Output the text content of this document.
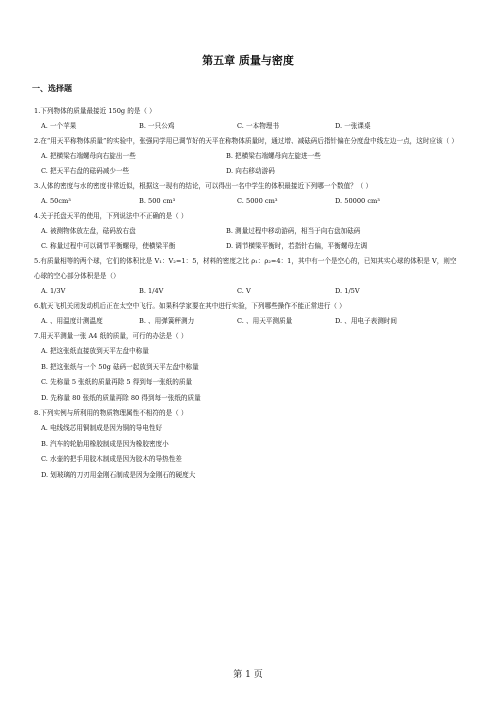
第五章 质量与密度
一、选择题

1.下列物体的质量最接近 150g 的是（ ）

A. 一个苹果	B. 一只公鸡	C. 一本物理书	D. 一张课桌

2.在“用天平称物体质量”的实验中，张强同学用已调节好的天平在称物体质量时，通过增、减砝码后指针偏在分度盘中线左边一点，这时应该（ ）

A. 把横梁右端螺母向右旋出一些	B. 把横梁右端螺母向左旋进一些
C. 把天平右盘的砝码减少一些	D. 向右移动游码

3.人体的密度与水的密度非常近似，根据这一现有的结论，可以得出一名中学生的体积最接近下列哪一个数值？（ ）

A. 50cm³	B. 500 cm³	C. 5000 cm³	D. 50000 cm³

4.关于托盘天平的使用，下列说法中不正确的是（ ）

A. 被测物体放左盘，砝码放右盘	B. 测量过程中移动游码，相当于向右盘加砝码
C. 称量过程中可以调节平衡螺母，使横梁平衡	D. 调节横梁平衡时，若指针右偏，平衡螺母左调

5.有质量相等的两个球，它们的体积比是 V₁：V₂=1：5，材料的密度之比 ρ₁：ρ₂=4：1，其中有一个是空心的，已知其实心球的体积是 V，则空心球的空心部分体积是是（）

A. 1/3V	B. 1/4V	C. V	D. 1/5V

6.航天飞机关闭发动机后正在太空中飞行。如果科学家要在其中进行实验，下列哪些操作不能正常进行（ ）

A. 、用温度计测温度	B. 、用弹簧秤测力	C. 、用天平测质量	D. 、用电子表测时间

7.用天平测量一张 A4 纸的质量，可行的办法是（ ）

A. 把这张纸直接放到天平左盘中称量
B. 把这张纸与一个 50g 砝码一起放到天平左盘中称量
C. 先称量 5 张纸的质量再除 5 得到每一张纸的质量
D. 先称量 80 张纸的质量再除 80 得到每一张纸的质量

8.下列实例与所利用的物质物理属性不相符的是（ ）

A. 电线线芯用铜制成是因为铜的导电性好
B. 汽车的轮胎用橡胶制成是因为橡胶密度小
C. 水壶的把手用胶木制成是因为胶木的导热性差
D. 划玻璃的刀刃用金刚石制成是因为金刚石的硬度大
第 1 页
